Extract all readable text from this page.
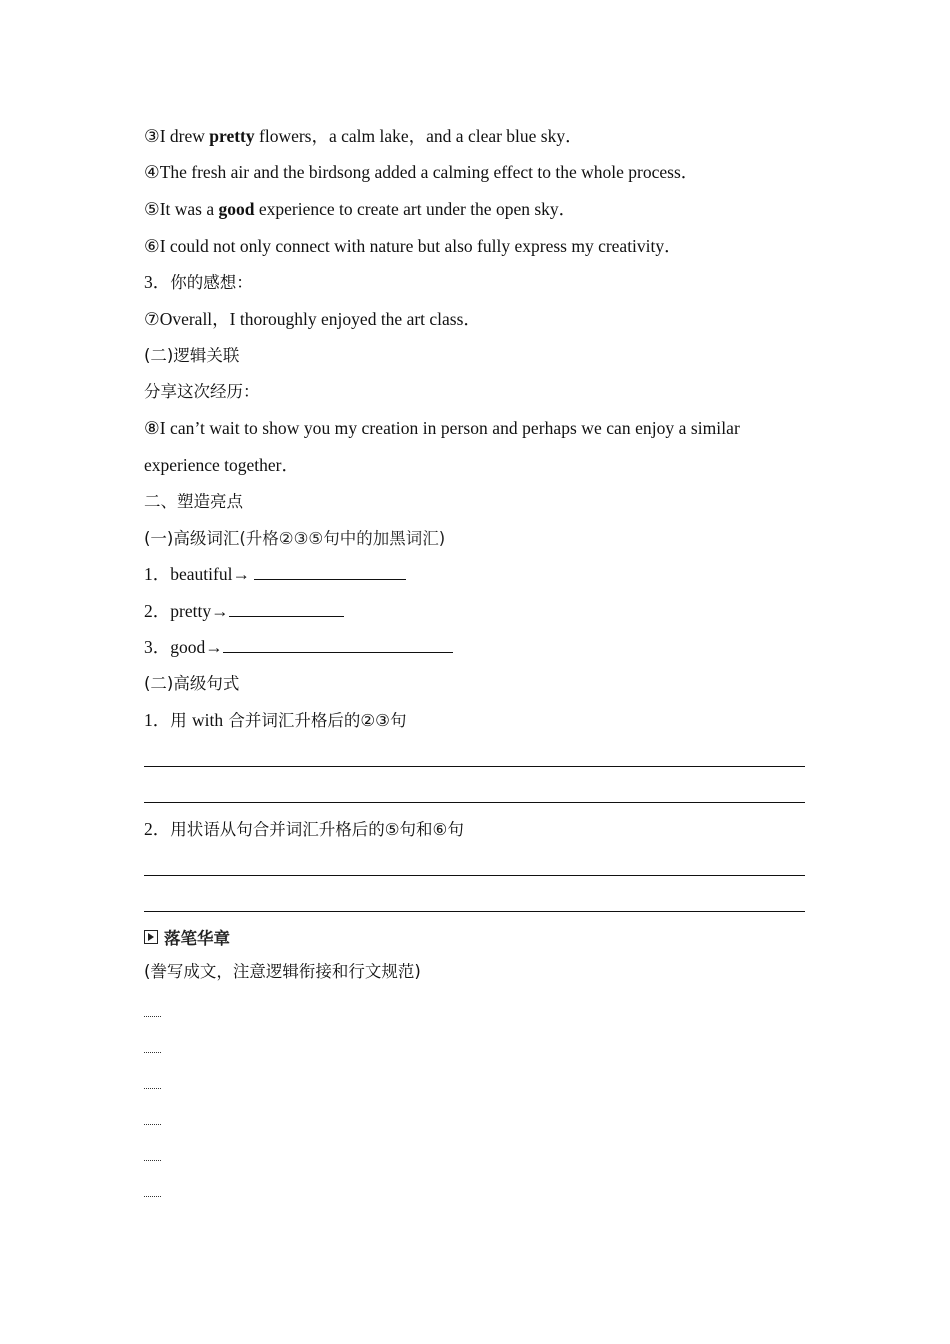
③I drew pretty flowers，a calm lake，and a clear blue sky．
④The fresh air and the birdsong added a calming effect to the whole process．
⑤It was a good experience to create art under the open sky．
⑥I could not only connect with nature but also fully express my creativity．
3．你的感想：
⑦Overall，I thoroughly enjoyed the art class．
(二)逻辑关联
分享这次经历：
⑧I can’t wait to show you my creation in person and perhaps we can enjoy a similar
experience together．
二、塑造亮点
(一)高级词汇(升格②③⑤句中的加黑词汇)
1．beautiful→
2．pretty→
3．good→
(二)高级句式
1．用 with 合并词汇升格后的②③句
2．用状语从句合并词汇升格后的⑤句和⑥句
落笔华章
(誊写成文，注意逻辑衔接和行文规范)
